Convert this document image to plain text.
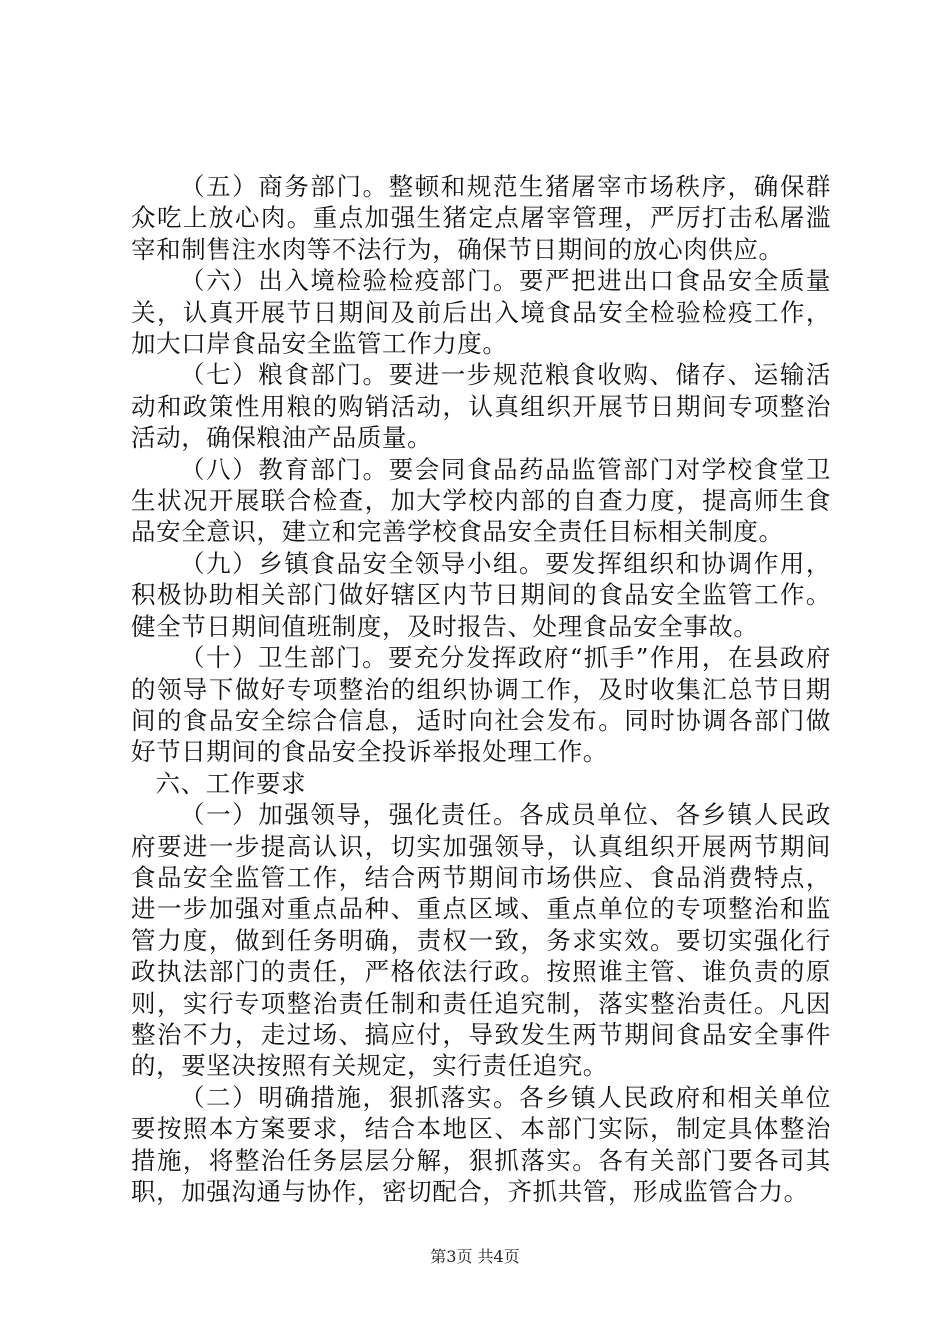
（五）商务部门。整顿和规范生猪屠宰市场秩序，确保群众吃上放心肉。重点加强生猪定点屠宰管理，严厉打击私屠滥宰和制售注水肉等不法行为，确保节日期间的放心肉供应。

（六）出入境检验检疫部门。要严把进出口食品安全质量关，认真开展节日期间及前后出入境食品安全检验检疫工作，加大口岸食品安全监管工作力度。

（七）粮食部门。要进一步规范粮食收购、储存、运输活动和政策性用粮的购销活动，认真组织开展节日期间专项整治活动，确保粮油产品质量。

（八）教育部门。要会同食品药品监管部门对学校食堂卫生状况开展联合检查，加大学校内部的自查力度，提高师生食品安全意识，建立和完善学校食品安全责任目标相关制度。

（九）乡镇食品安全领导小组。要发挥组织和协调作用，积极协助相关部门做好辖区内节日期间的食品安全监管工作。健全节日期间值班制度，及时报告、处理食品安全事故。

（十）卫生部门。要充分发挥政府“抓手”作用，在县政府的领导下做好专项整治的组织协调工作，及时收集汇总节日期间的食品安全综合信息，适时向社会发布。同时协调各部门做好节日期间的食品安全投诉举报处理工作。

六、工作要求

（一）加强领导，强化责任。各成员单位、各乡镇人民政府要进一步提高认识，切实加强领导，认真组织开展两节期间食品安全监管工作，结合两节期间市场供应、食品消费特点，进一步加强对重点品种、重点区域、重点单位的专项整治和监管力度，做到任务明确，责权一致，务求实效。要切实强化行政执法部门的责任，严格依法行政。按照谁主管、谁负责的原则，实行专项整治责任制和责任追究制，落实整治责任。凡因整治不力，走过场、搞应付，导致发生两节期间食品安全事件的，要坚决按照有关规定，实行责任追究。

（二）明确措施，狠抓落实。各乡镇人民政府和相关单位要按照本方案要求，结合本地区、本部门实际，制定具体整治措施，将整治任务层层分解，狠抓落实。各有关部门要各司其职，加强沟通与协作，密切配合，齐抓共管，形成监管合力。

第3页 共4页
